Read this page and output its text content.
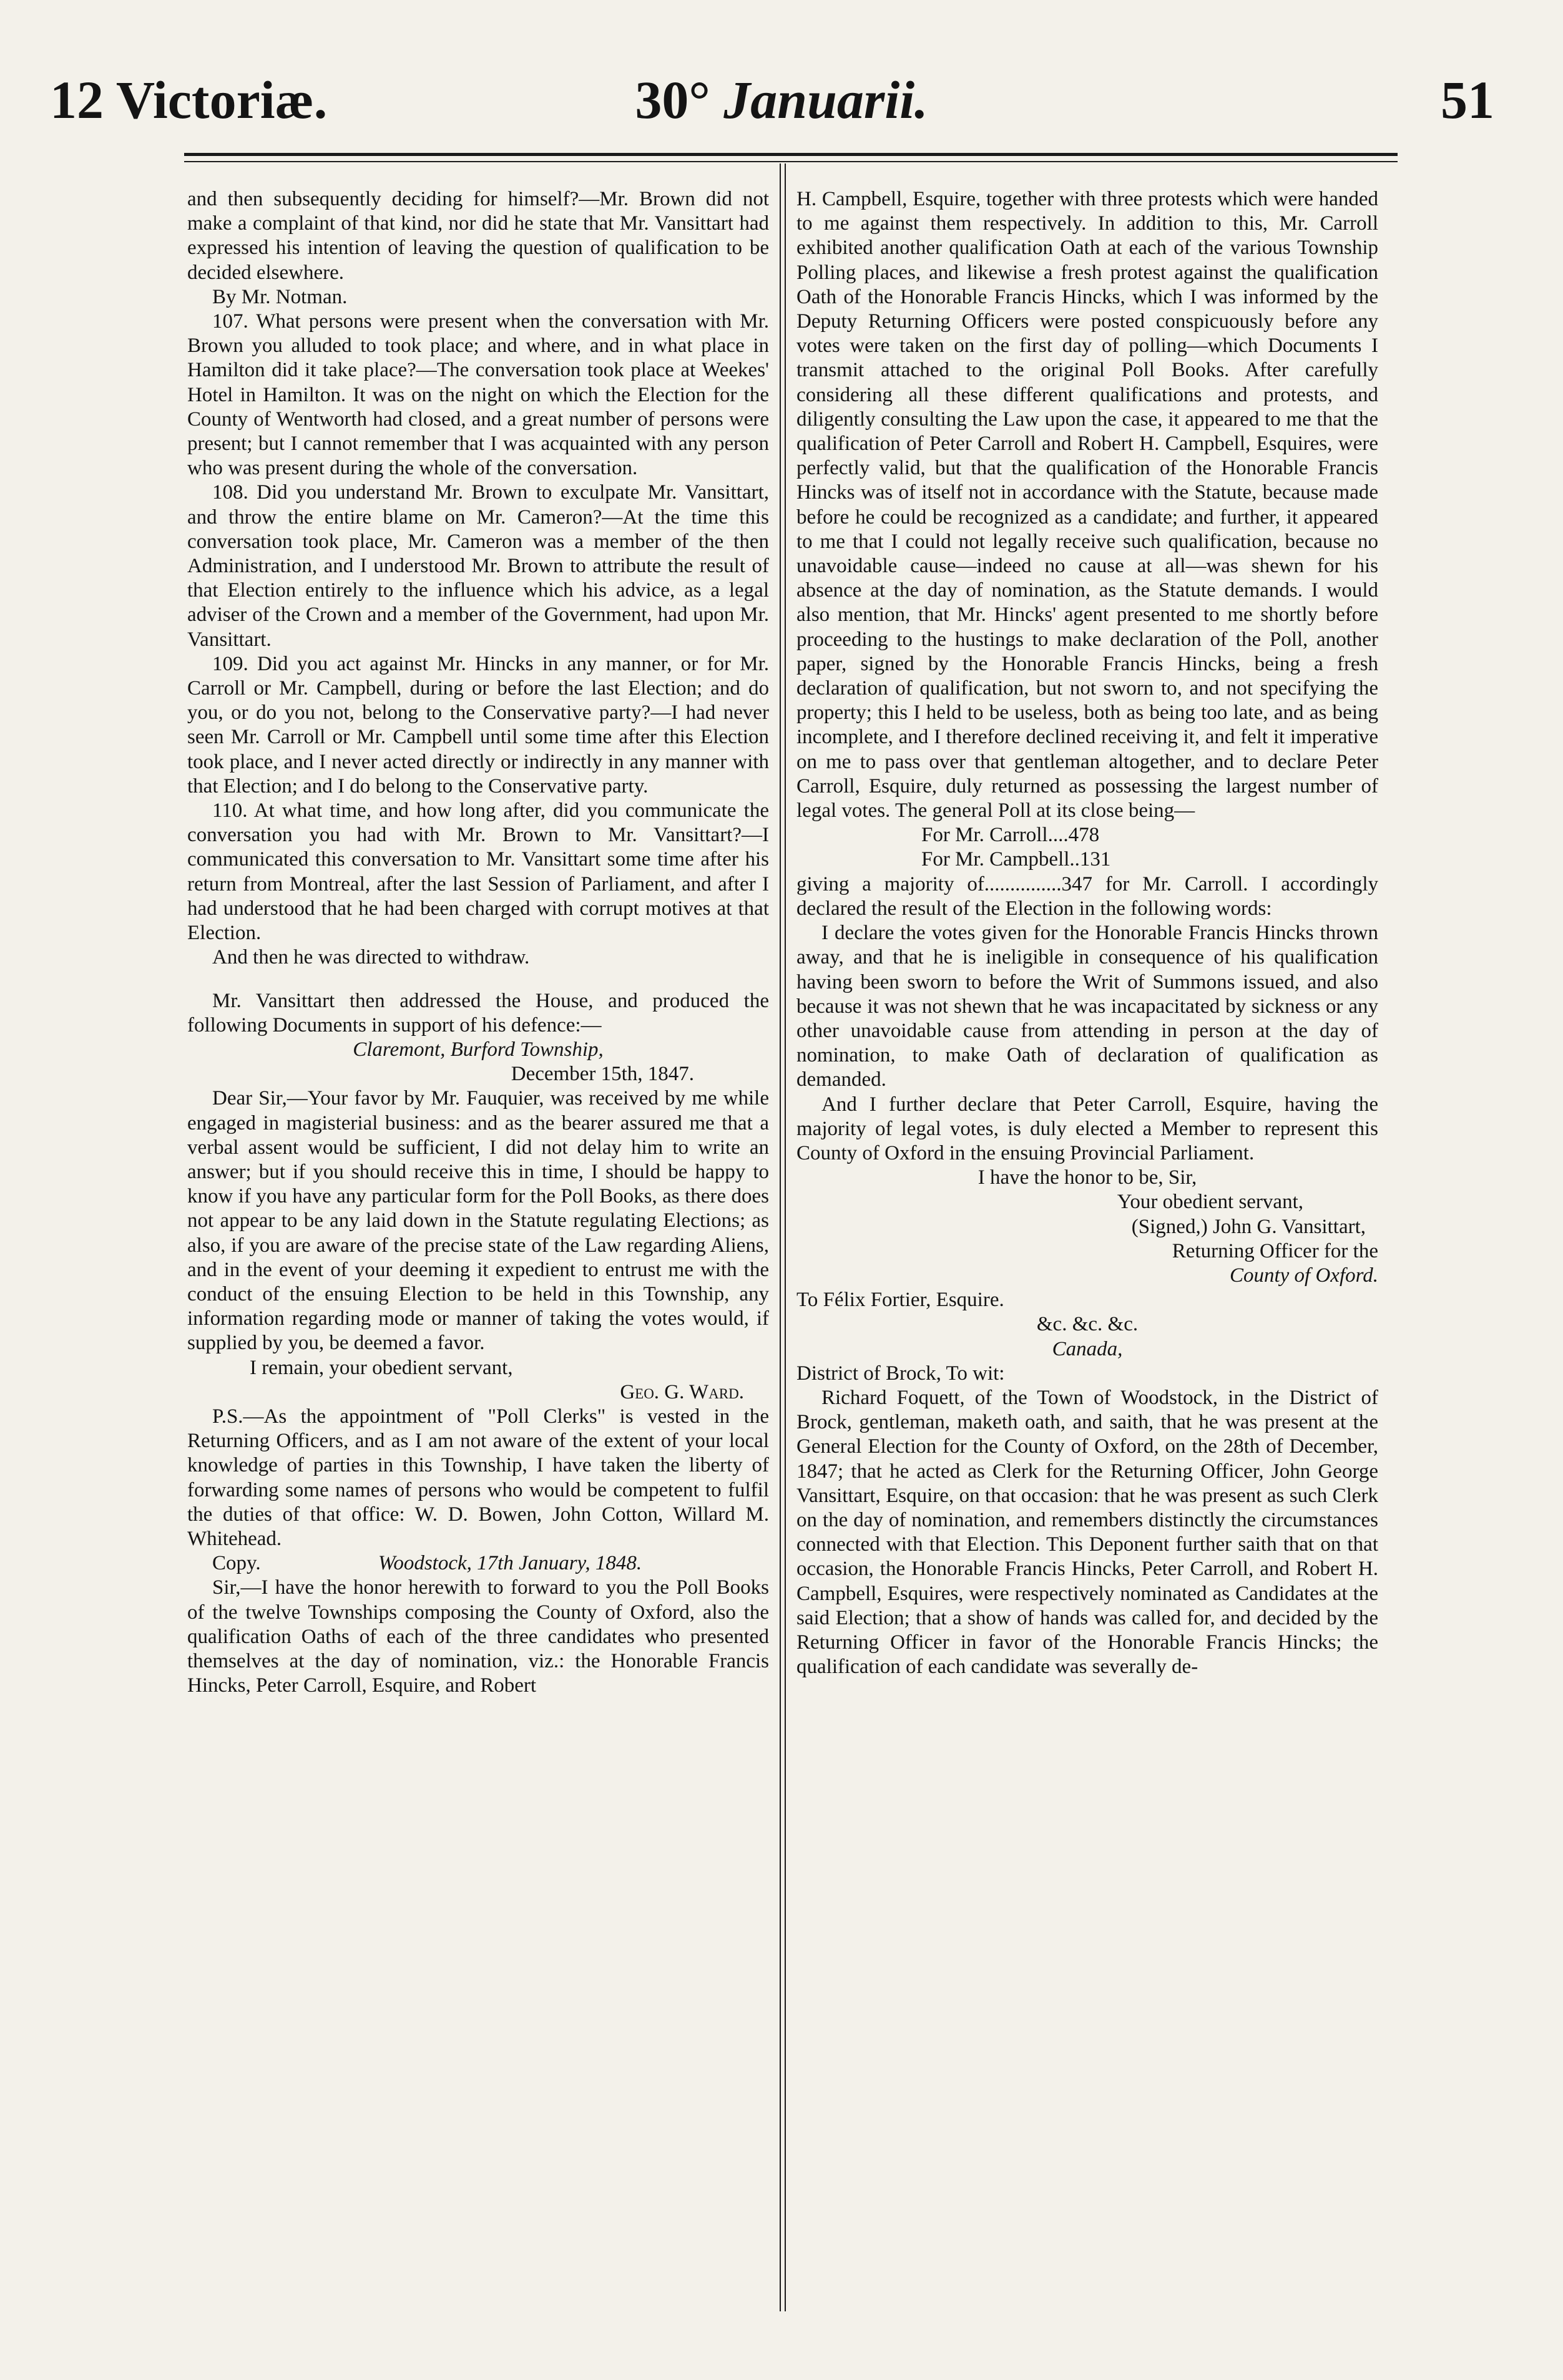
12 Victoriæ.	30° Januarii.	51

and then subsequently deciding for himself?—Mr. Brown did not make a complaint of that kind, nor did he state that Mr. Vansittart had expressed his intention of leaving the question of qualification to be decided elsewhere.

By Mr. Notman.

107. What persons were present when the conversation with Mr. Brown you alluded to took place; and where, and in what place in Hamilton did it take place?—The conversation took place at Weekes' Hotel in Hamilton. It was on the night on which the Election for the County of Wentworth had closed, and a great number of persons were present; but I cannot remember that I was acquainted with any person who was present during the whole of the conversation.

108. Did you understand Mr. Brown to exculpate Mr. Vansittart, and throw the entire blame on Mr. Cameron?—At the time this conversation took place, Mr. Cameron was a member of the then Administration, and I understood Mr. Brown to attribute the result of that Election entirely to the influence which his advice, as a legal adviser of the Crown and a member of the Government, had upon Mr. Vansittart.

109. Did you act against Mr. Hincks in any manner, or for Mr. Carroll or Mr. Campbell, during or before the last Election; and do you, or do you not, belong to the Conservative party?—I had never seen Mr. Carroll or Mr. Campbell until some time after this Election took place, and I never acted directly or indirectly in any manner with that Election; and I do belong to the Conservative party.

110. At what time, and how long after, did you communicate the conversation you had with Mr. Brown to Mr. Vansittart?—I communicated this conversation to Mr. Vansittart some time after his return from Montreal, after the last Session of Parliament, and after I had understood that he had been charged with corrupt motives at that Election.

And then he was directed to withdraw.

Mr. Vansittart then addressed the House, and produced the following Documents in support of his defence:—

Claremont, Burford Township,

December 15th, 1847.

Dear Sir,—Your favor by Mr. Fauquier, was received by me while engaged in magisterial business: and as the bearer assured me that a verbal assent would be sufficient, I did not delay him to write an answer; but if you should receive this in time, I should be happy to know if you have any particular form for the Poll Books, as there does not appear to be any laid down in the Statute regulating Elections; as also, if you are aware of the precise state of the Law regarding Aliens, and in the event of your deeming it expedient to entrust me with the conduct of the ensuing Election to be held in this Township, any information regarding mode or manner of taking the votes would, if supplied by you, be deemed a favor.

I remain, your obedient servant,

Geo. G. Ward.

P.S.—As the appointment of "Poll Clerks" is vested in the Returning Officers, and as I am not aware of the extent of your local knowledge of parties in this Township, I have taken the liberty of forwarding some names of persons who would be competent to fulfil the duties of that office: W. D. Bowen, John Cotton, Willard M. Whitehead.

Copy.	Woodstock, 17th January, 1848.

Sir,—I have the honor herewith to forward to you the Poll Books of the twelve Townships composing the County of Oxford, also the qualification Oaths of each of the three candidates who presented themselves at the day of nomination, viz.: the Honorable Francis Hincks, Peter Carroll, Esquire, and Robert

H. Campbell, Esquire, together with three protests which were handed to me against them respectively. In addition to this, Mr. Carroll exhibited another qualification Oath at each of the various Township Polling places, and likewise a fresh protest against the qualification Oath of the Honorable Francis Hincks, which I was informed by the Deputy Returning Officers were posted conspicuously before any votes were taken on the first day of polling—which Documents I transmit attached to the original Poll Books. After carefully considering all these different qualifications and protests, and diligently consulting the Law upon the case, it appeared to me that the qualification of Peter Carroll and Robert H. Campbell, Esquires, were perfectly valid, but that the qualification of the Honorable Francis Hincks was of itself not in accordance with the Statute, because made before he could be recognized as a candidate; and further, it appeared to me that I could not legally receive such qualification, because no unavoidable cause—indeed no cause at all—was shewn for his absence at the day of nomination, as the Statute demands. I would also mention, that Mr. Hincks' agent presented to me shortly before proceeding to the hustings to make declaration of the Poll, another paper, signed by the Honorable Francis Hincks, being a fresh declaration of qualification, but not sworn to, and not specifying the property; this I held to be useless, both as being too late, and as being incomplete, and I therefore declined receiving it, and felt it imperative on me to pass over that gentleman altogether, and to declare Peter Carroll, Esquire, duly returned as possessing the largest number of legal votes. The general Poll at its close being—

For Mr. Carroll....478

For Mr. Campbell..131

giving a majority of...............347 for Mr. Carroll. I accordingly declared the result of the Election in the following words:

I declare the votes given for the Honorable Francis Hincks thrown away, and that he is ineligible in consequence of his qualification having been sworn to before the Writ of Summons issued, and also because it was not shewn that he was incapacitated by sickness or any other unavoidable cause from attending in person at the day of nomination, to make Oath of declaration of qualification as demanded.

And I further declare that Peter Carroll, Esquire, having the majority of legal votes, is duly elected a Member to represent this County of Oxford in the ensuing Provincial Parliament.

I have the honor to be, Sir,

Your obedient servant,

(Signed,) John G. Vansittart,

Returning Officer for the

County of Oxford.

To Félix Fortier, Esquire.

&c. &c. &c.

Canada,

District of Brock, To wit:

Richard Foquett, of the Town of Woodstock, in the District of Brock, gentleman, maketh oath, and saith, that he was present at the General Election for the County of Oxford, on the 28th of December, 1847; that he acted as Clerk for the Returning Officer, John George Vansittart, Esquire, on that occasion: that he was present as such Clerk on the day of nomination, and remembers distinctly the circumstances connected with that Election. This Deponent further saith that on that occasion, the Honorable Francis Hincks, Peter Carroll, and Robert H. Campbell, Esquires, were respectively nominated as Candidates at the said Election; that a show of hands was called for, and decided by the Returning Officer in favor of the Honorable Francis Hincks; the qualification of each candidate was severally de-
